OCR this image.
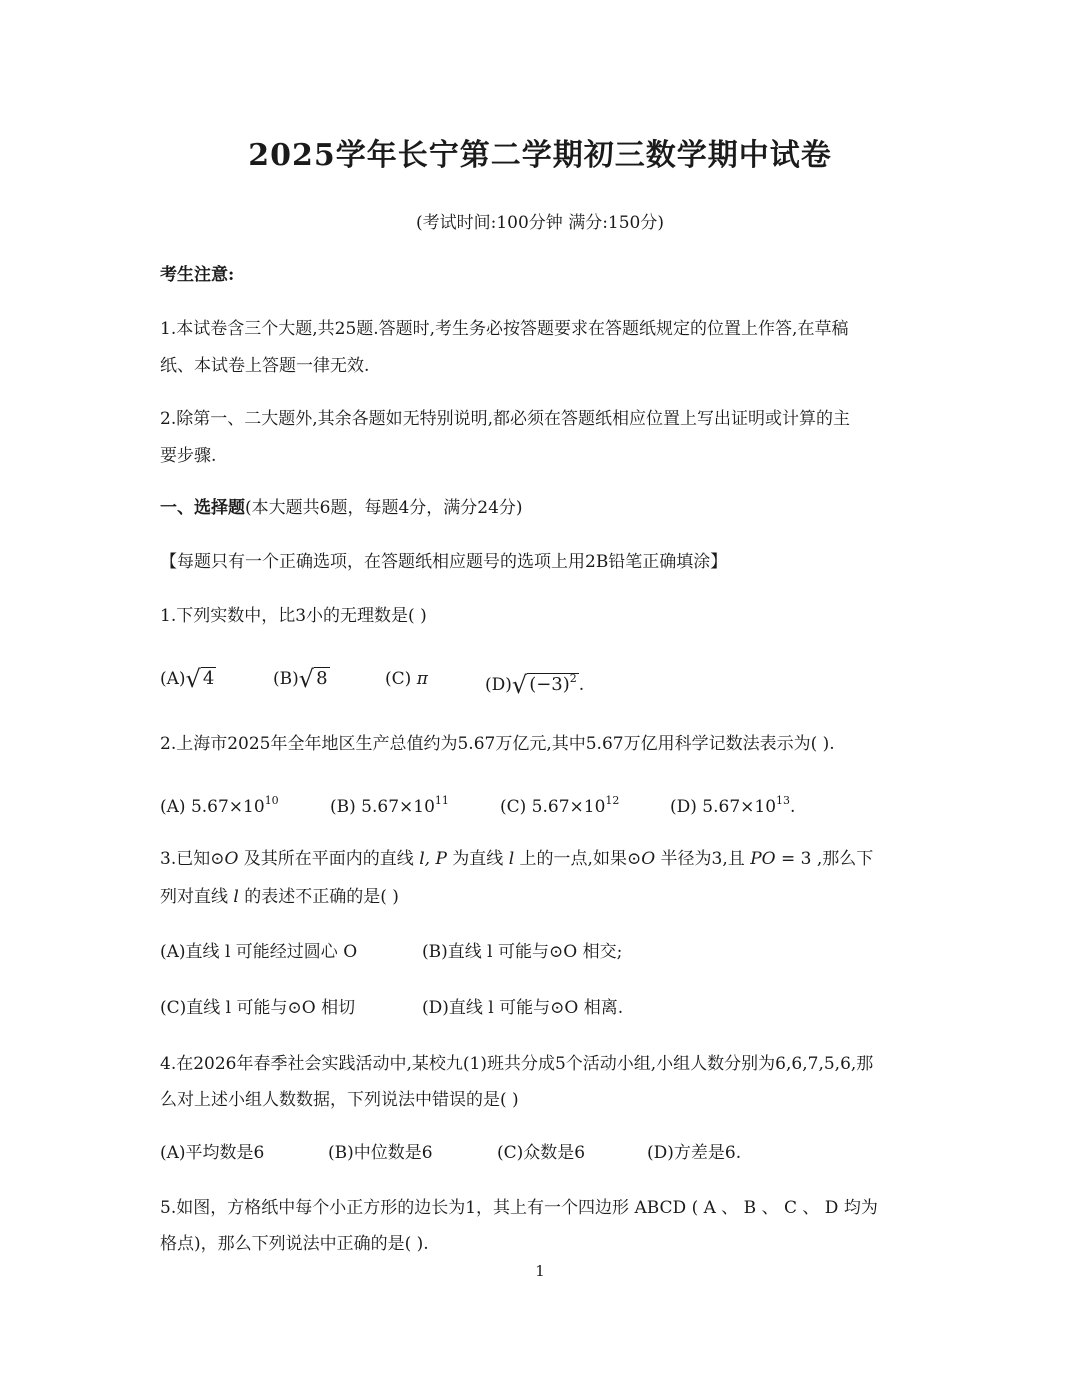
2025学年长宁第二学期初三数学期中试卷
(考试时间:100分钟 满分:150分)
考生注意:
1.本试卷含三个大题,共25题.答题时,考生务必按答题要求在答题纸规定的位置上作答,在草稿
纸、本试卷上答题一律无效.
2.除第一、二大题外,其余各题如无特别说明,都必须在答题纸相应位置上写出证明或计算的主
要步骤.
一、选择题(本大题共6题，每题4分，满分24分)
【每题只有一个正确选项，在答题纸相应题号的选项上用2B铅笔正确填涂】
1.下列实数中，比3小的无理数是( )
(A)√ 4	(B)√ 8	(C) π	(D)√ $(-3)^2$ .
2.上海市2025年全年地区生产总值约为5.67万亿元,其中5.67万亿用科学记数法表示为( ).
(A) $5.67\times 10^{10}$	(B) $5.67\times 10^{11}$	(C) $5.67\times 10^{12}$	(D) $5.67\times 10^{13}$.
3.已知⊙O 及其所在平面内的直线 l, P 为直线 l 上的一点,如果⊙O 半径为3,且 PO = 3 ,那么下
列对直线 l 的表述不正确的是( )
(A)直线 l 可能经过圆心 O	(B)直线 l 可能与⊙O 相交;
(C)直线 l 可能与⊙O 相切	(D)直线 l 可能与⊙O 相离.
4.在2026年春季社会实践活动中,某校九(1)班共分成5个活动小组,小组人数分别为6,6,7,5,6,那
么对上述小组人数数据，下列说法中错误的是( )
(A)平均数是6	(B)中位数是6	(C)众数是6	(D)方差是6.
5.如图，方格纸中每个小正方形的边长为1，其上有一个四边形 ABCD ( A 、 B 、 C 、 D 均为
格点)，那么下列说法中正确的是( ).
1
